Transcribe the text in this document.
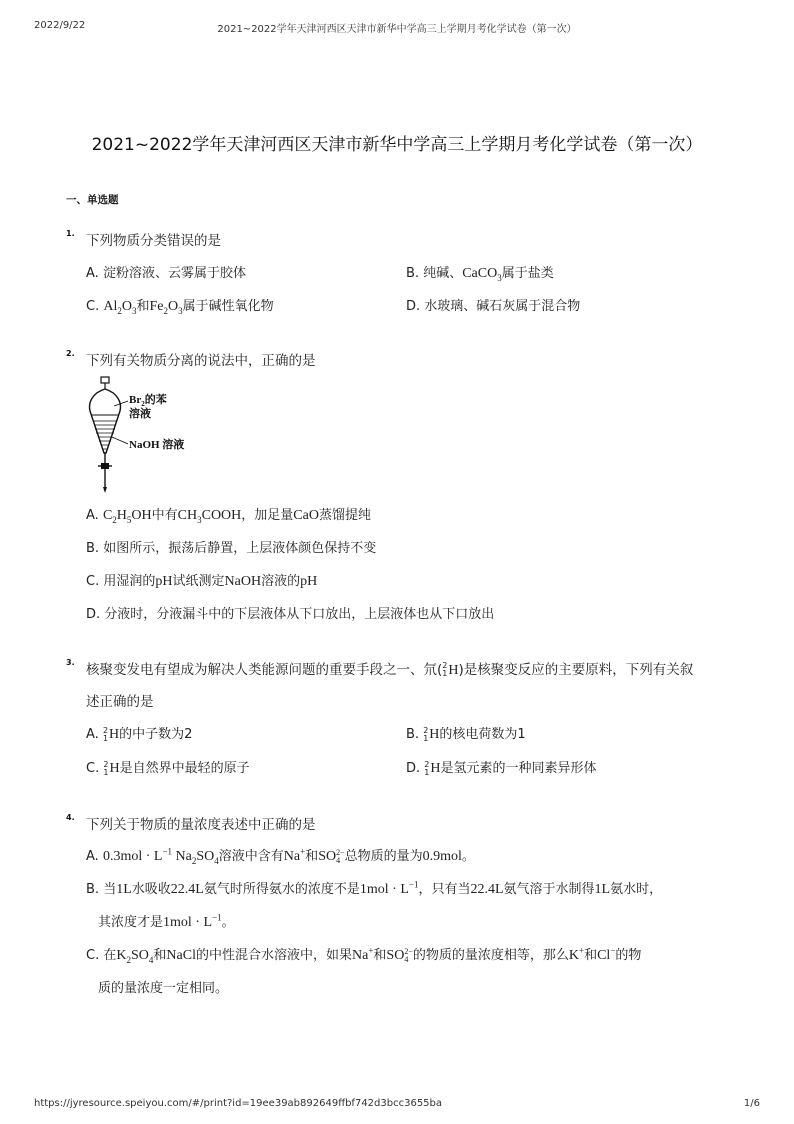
2022/9/22	2021~2022学年天津河西区天津市新华中学高三上学期月考化学试卷（第一次）
2021~2022学年天津河西区天津市新华中学高三上学期月考化学试卷（第一次）
一、单选题
1. 下列物质分类错误的是
A. 淀粉溶液、云雾属于胶体	B. 纯碱、CaCO$_3$属于盐类
C. $Al_2O_3$和$Fe_2O_3$属于碱性氧化物	D. 水玻璃、碱石灰属于混合物
2. 下列有关物质分离的说法中，正确的是
$Br_2$的苯
溶液
NaOH 溶液
A. $C_2H_5OH$中有$CH_3COOH$，加足量CaO蒸馏提纯
B. 如图所示，振荡后静置，上层液体颜色保持不变
C. 用湿润的pH试纸测定NaOH溶液的pH
D. 分液时，分液漏斗中的下层液体从下口放出，上层液体也从下口放出
3. 核聚变发电有望成为解决人类能源问题的重要手段之一、氘( 2
1 H)是核聚变反应的主要原料，下列有关叙
述正确的是
A. 2
1 H的中子数为2	B. 2
1 H的核电荷数为1
C. 2
1 H是自然界中最轻的原子	D. 2
1 H是氢元素的一种同素异形体
4. 下列关于物质的量浓度表述中正确的是
A. $0.3mol \cdot L^{-1}$ $Na_2SO_4$溶液中含有Na+和SO 2−
4 总物质的量为0.9mol。
B. 当1L水吸收22.4L氨气时所得氨水的浓度不是$1mol \cdot L^{-1}$，只有当22.4L氨气溶于水制得1L氨水时，
其浓度才是$1mol \cdot L^{-1}$。
C. 在$K_2SO_4$和NaCl的中性混合水溶液中，如果Na+和SO 2−
4 的物质的量浓度相等，那么K+和Cl−的物
质的量浓度一定相同。
https://jyresource.speiyou.com/#/print?id=19ee39ab892649ffbf742d3bcc3655ba	1/6
